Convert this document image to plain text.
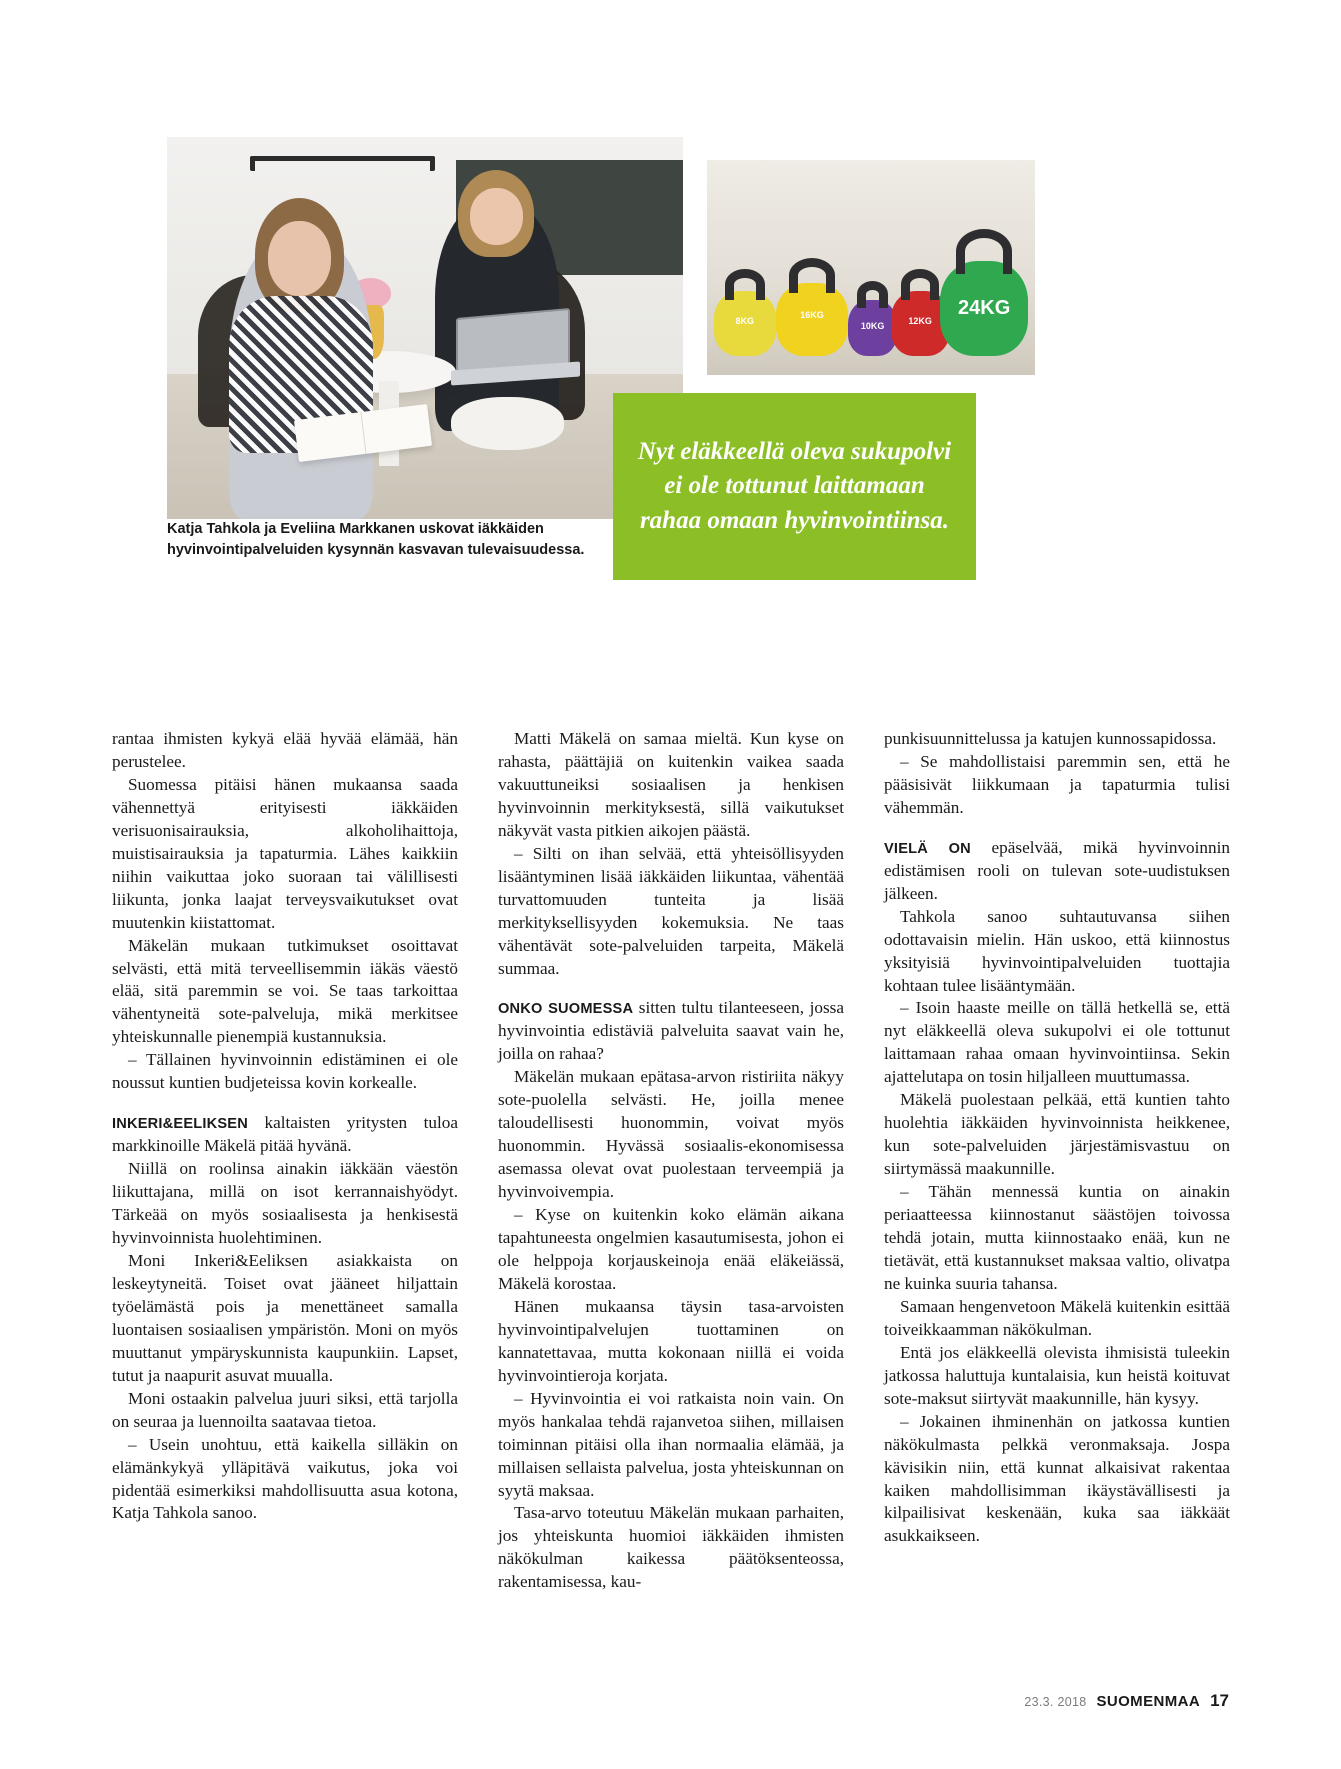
8KG
16KG
10KG
12KG
24KG
Nyt eläkkeellä oleva sukupolvi ei ole tottunut laittamaan rahaa omaan hyvinvointiinsa.
Katja Tahkola ja Eveliina Markkanen uskovat iäkkäiden hyvinvointipalveluiden kysynnän kasvavan tulevaisuudessa.

rantaa ihmisten kykyä elää hyvää elämää, hän perustelee.

Suomessa pitäisi hänen mukaansa saada vähennettyä erityisesti iäkkäiden verisuonisairauksia, alkoholihaittoja, muistisairauksia ja tapaturmia. Lähes kaikkiin niihin vaikuttaa joko suoraan tai välillisesti liikunta, jonka laajat terveysvaikutukset ovat muutenkin kiistattomat.

Mäkelän mukaan tutkimukset osoittavat selvästi, että mitä terveellisemmin iäkäs väestö elää, sitä paremmin se voi. Se taas tarkoittaa vähentyneitä sote-palveluja, mikä merkitsee yhteiskunnalle pienempiä kustannuksia.

– Tällainen hyvinvoinnin edistäminen ei ole noussut kuntien budjeteissa kovin korkealle.

INKERI&EELIKSEN kaltaisten yritysten tuloa markkinoille Mäkelä pitää hyvänä.

Niillä on roolinsa ainakin iäkkään väestön liikuttajana, millä on isot kerrannaishyödyt. Tärkeää on myös sosiaalisesta ja henkisestä hyvinvoinnista huolehtiminen.

Moni Inkeri&Eeliksen asiakkaista on leskeytyneitä. Toiset ovat jääneet hiljattain työelämästä pois ja menettäneet samalla luontaisen sosiaalisen ympäristön. Moni on myös muuttanut ympäryskunnista kaupunkiin. Lapset, tutut ja naapurit asuvat muualla.

Moni ostaakin palvelua juuri siksi, että tarjolla on seuraa ja luennoilta saatavaa tietoa.

– Usein unohtuu, että kaikella silläkin on elämänkykyä ylläpitävä vaikutus, joka voi pidentää esimerkiksi mahdollisuutta asua kotona, Katja Tahkola sanoo.

Matti Mäkelä on samaa mieltä. Kun kyse on rahasta, päättäjiä on kuitenkin vaikea saada vakuuttuneiksi sosiaalisen ja henkisen hyvinvoinnin merkityksestä, sillä vaikutukset näkyvät vasta pitkien aikojen päästä.

– Silti on ihan selvää, että yhteisöllisyyden lisääntyminen lisää iäkkäiden liikuntaa, vähentää turvattomuuden tunteita ja lisää merkityksellisyyden kokemuksia. Ne taas vähentävät sote-palveluiden tarpeita, Mäkelä summaa.

ONKO SUOMESSA sitten tultu tilanteeseen, jossa hyvinvointia edistäviä palveluita saavat vain he, joilla on rahaa?

Mäkelän mukaan epätasa-arvon ristiriita näkyy sote-puolella selvästi. He, joilla menee taloudellisesti huonommin, voivat myös huonommin. Hyvässä sosiaalis-ekonomisessa asemassa olevat ovat puolestaan terveempiä ja hyvinvoivempia.

– Kyse on kuitenkin koko elämän aikana tapahtuneesta ongelmien kasautumisesta, johon ei ole helppoja korjauskeinoja enää eläkeiässä, Mäkelä korostaa.

Hänen mukaansa täysin tasa-arvoisten hyvinvointipalvelujen tuottaminen on kannatettavaa, mutta kokonaan niillä ei voida hyvinvointieroja korjata.

– Hyvinvointia ei voi ratkaista noin vain. On myös hankalaa tehdä rajanvetoa siihen, millaisen toiminnan pitäisi olla ihan normaalia elämää, ja millaisen sellaista palvelua, josta yhteiskunnan on syytä maksaa.

Tasa-arvo toteutuu Mäkelän mukaan parhaiten, jos yhteiskunta huomioi iäkkäiden ihmisten näkökulman kaikessa päätöksenteossa, rakentamisessa, kau-

punkisuunnittelussa ja katujen kunnossapidossa.

– Se mahdollistaisi paremmin sen, että he pääsisivät liikkumaan ja tapaturmia tulisi vähemmän.

VIELÄ ON epäselvää, mikä hyvinvoinnin edistämisen rooli on tulevan sote-uudistuksen jälkeen.

Tahkola sanoo suhtautuvansa siihen odottavaisin mielin. Hän uskoo, että kiinnostus yksityisiä hyvinvointipalveluiden tuottajia kohtaan tulee lisääntymään.

– Isoin haaste meille on tällä hetkellä se, että nyt eläkkeellä oleva sukupolvi ei ole tottunut laittamaan rahaa omaan hyvinvointiinsa. Sekin ajattelutapa on tosin hiljalleen muuttumassa.

Mäkelä puolestaan pelkää, että kuntien tahto huolehtia iäkkäiden hyvinvoinnista heikkenee, kun sote-palveluiden järjestämisvastuu on siirtymässä maakunnille.

– Tähän mennessä kuntia on ainakin periaatteessa kiinnostanut säästöjen toivossa tehdä jotain, mutta kiinnostaako enää, kun ne tietävät, että kustannukset maksaa valtio, olivatpa ne kuinka suuria tahansa.

Samaan hengenvetoon Mäkelä kuitenkin esittää toiveikkaamman näkökulman.

Entä jos eläkkeellä olevista ihmisistä tuleekin jatkossa haluttuja kuntalaisia, kun heistä koituvat sote-maksut siirtyvät maakunnille, hän kysyy.

– Jokainen ihminenhän on jatkossa kuntien näkökulmasta pelkkä veronmaksaja. Jospa kävisikin niin, että kunnat alkaisivat rakentaa kaiken mahdollisimman ikäystävällisesti ja kilpailisivat keskenään, kuka saa iäkkäät asukkaikseen.

23.3. 2018 SUOMENMAA 17
